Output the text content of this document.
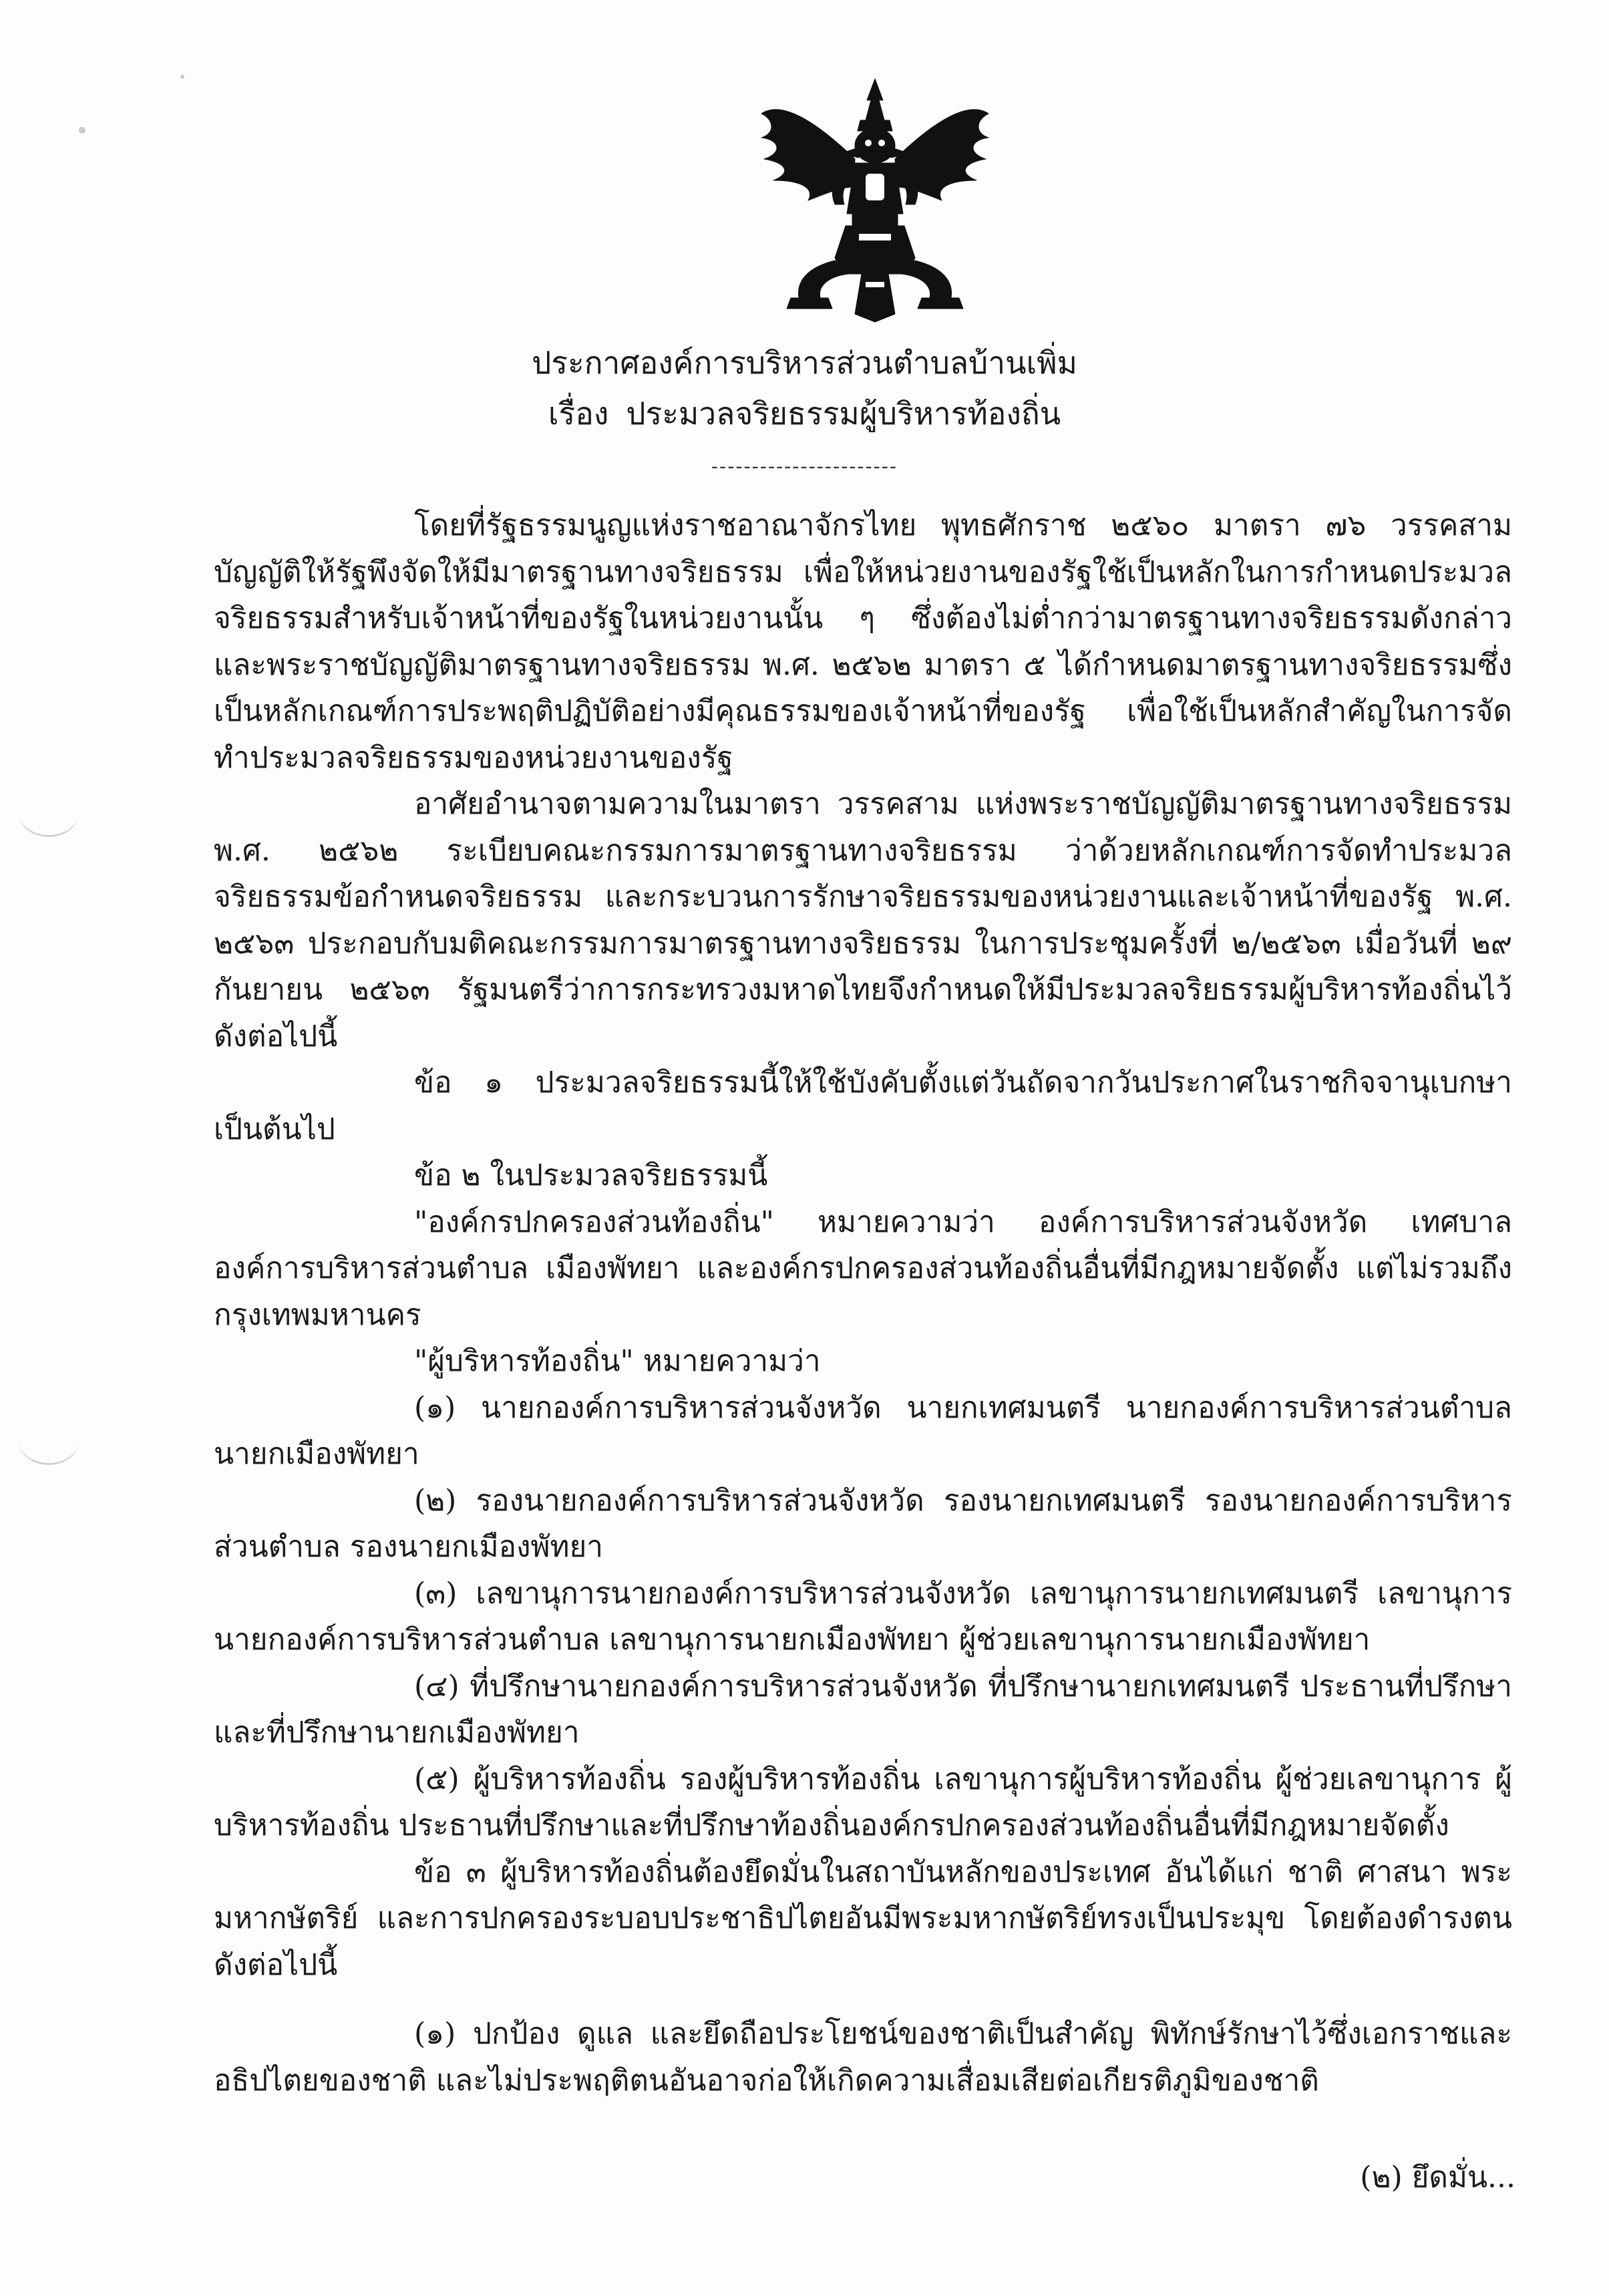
ประกาศองค์การบริหารส่วนตำบลบ้านเพิ่ม
เรื่อง ประมวลจริยธรรมผู้บริหารท้องถิ่น
-----------------------

โดยที่รัฐธรรมนูญแห่งราชอาณาจักรไทย พุทธศักราช ๒๕๖๐ มาตรา ๗๖ วรรคสามบัญญัติให้รัฐพึงจัดให้มีมาตรฐานทางจริยธรรม เพื่อให้หน่วยงานของรัฐใช้เป็นหลักในการกำหนดประมวลจริยธรรมสำหรับเจ้าหน้าที่ของรัฐในหน่วยงานนั้น ๆ ซึ่งต้องไม่ต่ำกว่ามาตรฐานทางจริยธรรมดังกล่าว และพระราชบัญญัติมาตรฐานทางจริยธรรม พ.ศ. ๒๕๖๒ มาตรา ๕ ได้กำหนดมาตรฐานทางจริยธรรมซึ่งเป็นหลักเกณฑ์การประพฤติปฏิบัติอย่างมีคุณธรรมของเจ้าหน้าที่ของรัฐ เพื่อใช้เป็นหลักสำคัญในการจัดทำประมวลจริยธรรมของหน่วยงานของรัฐ

อาศัยอำนาจตามความในมาตรา วรรคสาม แห่งพระราชบัญญัติมาตรฐานทางจริยธรรม พ.ศ. ๒๕๖๒ ระเบียบคณะกรรมการมาตรฐานทางจริยธรรม ว่าด้วยหลักเกณฑ์การจัดทำประมวลจริยธรรมข้อกำหนดจริยธรรม และกระบวนการรักษาจริยธรรมของหน่วยงานและเจ้าหน้าที่ของรัฐ พ.ศ. ๒๕๖๓ ประกอบกับมติคณะกรรมการมาตรฐานทางจริยธรรม ในการประชุมครั้งที่ ๒/๒๕๖๓ เมื่อวันที่ ๒๙ กันยายน ๒๕๖๓ รัฐมนตรีว่าการกระทรวงมหาดไทยจึงกำหนดให้มีประมวลจริยธรรมผู้บริหารท้องถิ่นไว้ ดังต่อไปนี้

ข้อ ๑ ประมวลจริยธรรมนี้ให้ใช้บังคับตั้งแต่วันถัดจากวันประกาศในราชกิจจานุเบกษาเป็นต้นไป

ข้อ ๒ ในประมวลจริยธรรมนี้

"องค์กรปกครองส่วนท้องถิ่น" หมายความว่า องค์การบริหารส่วนจังหวัด เทศบาล องค์การบริหารส่วนตำบล เมืองพัทยา และองค์กรปกครองส่วนท้องถิ่นอื่นที่มีกฎหมายจัดตั้ง แต่ไม่รวมถึงกรุงเทพมหานคร

"ผู้บริหารท้องถิ่น" หมายความว่า

(๑) นายกองค์การบริหารส่วนจังหวัด นายกเทศมนตรี นายกองค์การบริหารส่วนตำบลนายกเมืองพัทยา

(๒) รองนายกองค์การบริหารส่วนจังหวัด รองนายกเทศมนตรี รองนายกองค์การบริหารส่วนตำบล รองนายกเมืองพัทยา

(๓) เลขานุการนายกองค์การบริหารส่วนจังหวัด เลขานุการนายกเทศมนตรี เลขานุการนายกองค์การบริหารส่วนตำบล เลขานุการนายกเมืองพัทยา ผู้ช่วยเลขานุการนายกเมืองพัทยา

(๔) ที่ปรึกษานายกองค์การบริหารส่วนจังหวัด ที่ปรึกษานายกเทศมนตรี ประธานที่ปรึกษาและที่ปรึกษานายกเมืองพัทยา

(๕) ผู้บริหารท้องถิ่น รองผู้บริหารท้องถิ่น เลขานุการผู้บริหารท้องถิ่น ผู้ช่วยเลขานุการ ผู้บริหารท้องถิ่น ประธานที่ปรึกษาและที่ปรึกษาท้องถิ่นองค์กรปกครองส่วนท้องถิ่นอื่นที่มีกฎหมายจัดตั้ง

ข้อ ๓ ผู้บริหารท้องถิ่นต้องยึดมั่นในสถาบันหลักของประเทศ อันได้แก่ ชาติ ศาสนา พระมหากษัตริย์ และการปกครองระบอบประชาธิปไตยอันมีพระมหากษัตริย์ทรงเป็นประมุข โดยต้องดำรงตนดังต่อไปนี้

(๑) ปกป้อง ดูแล และยึดถือประโยชน์ของชาติเป็นสำคัญ พิทักษ์รักษาไว้ซึ่งเอกราชและอธิปไตยของชาติ และไม่ประพฤติตนอันอาจก่อให้เกิดความเสื่อมเสียต่อเกียรติภูมิของชาติ

(๒) ยึดมั่น...
